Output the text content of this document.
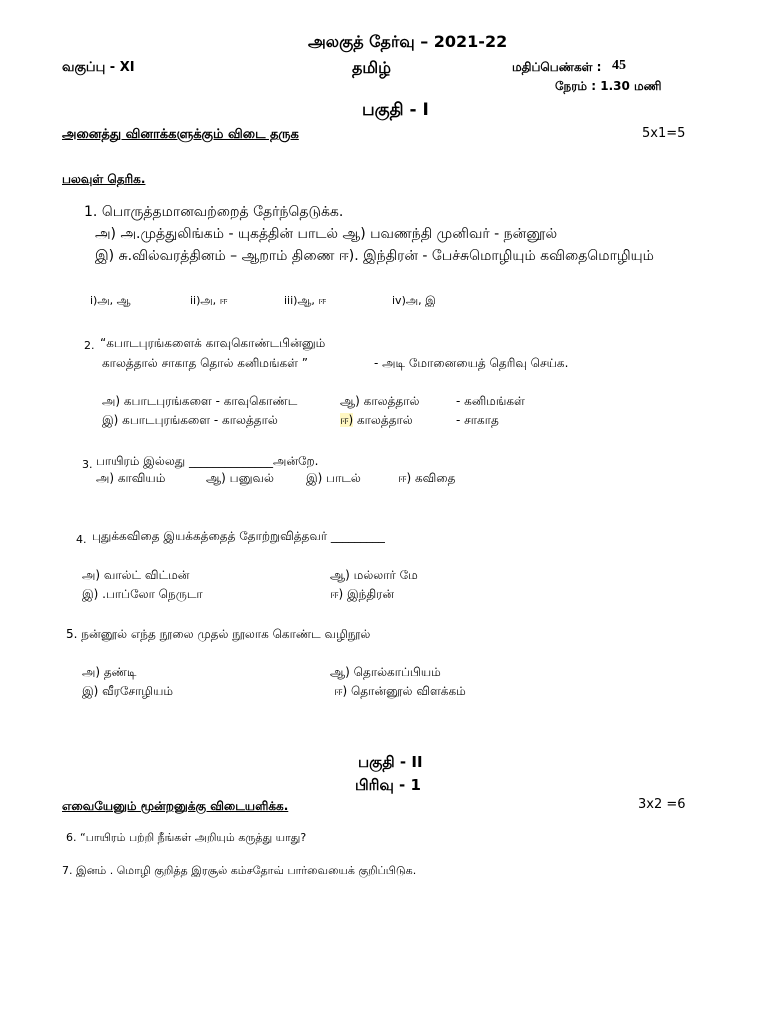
அலகுத் தேர்வு – 2021-22
வகுப்பு - XI	தமிழ்	மதிப்பெண்கள் : 45
நேரம் : 1.30 மணி
பகுதி - I
அனைத்து வினாக்களுக்கும் விடை தருக	5x1=5
பலவுள் தெரிக.
1. பொருத்தமானவற்றைத் தேர்ந்தெடுக்க.
அ) அ.முத்துலிங்கம் - யுகத்தின் பாடல் ஆ) பவணந்தி முனிவர் - நன்னூல்
இ) சு.வில்வரத்தினம் – ஆறாம் திணை ஈ). இந்திரன் - பேச்சுமொழியும் கவிதைமொழியும்
i)அ, ஆ	ii)அ, ஈ	iii)ஆ, ஈ	iv)அ, இ
2. “கபாடபுரங்களைக் காவுகொண்டபின்னும்
காலத்தால் சாகாத தொல் கனிமங்கள் ”	- அடி மோனையைத் தெரிவு செய்க.
அ) கபாடபுரங்களை - காவுகொண்ட	ஆ) காலத்தால்	- கனிமங்கள்
இ) கபாடபுரங்களை - காலத்தால்	ஈ) காலத்தால்	- சாகாத
3. பாயிரம் இல்லது ______________அன்றே.
அ) காவியம்	ஆ) பனுவல்	இ) பாடல்	ஈ) கவிதை
4. புதுக்கவிதை இயக்கத்தைத் தோற்றுவித்தவர் _________
அ) வால்ட் விட்மன்	ஆ) மல்லார் மே
இ) .பாப்லோ நெருடா	ஈ) இந்திரன்
5. நன்னூல் எந்த நூலை முதல் நூலாக கொண்ட வழிநூல்
அ) தண்டி	ஆ) தொல்காப்பியம்
இ) வீரசோழியம்	ஈ) தொன்னூல் விளக்கம்
பகுதி - II
பிரிவு - 1
எவையேனும் மூன்றனுக்கு விடையளிக்க.	3x2 =6
6. “பாயிரம் பற்றி நீங்கள் அறியும் கருத்து யாது?
7. இனம் . மொழி குறித்த இரசூல் கம்சதோவ் பார்வையைக் குறிப்பிடுக.
